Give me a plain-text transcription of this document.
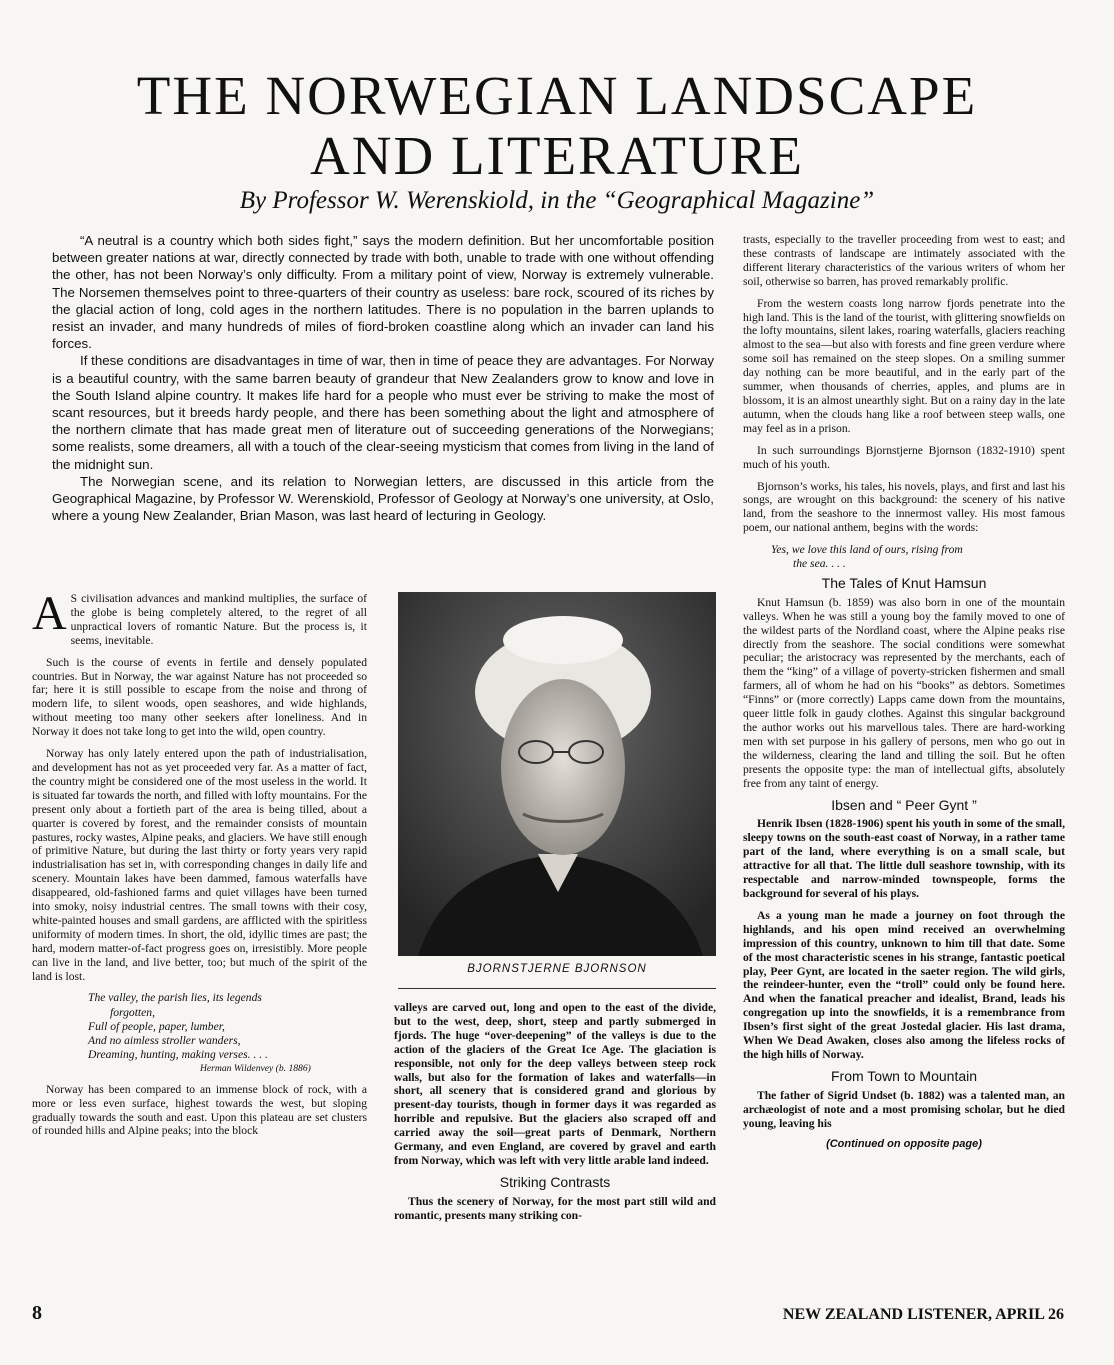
THE NORWEGIAN LANDSCAPE
AND LITERATURE
By Professor W. Werenskiold, in the “Geographical Magazine”

“A neutral is a country which both sides fight,” says the modern definition. But her uncomfortable position between greater nations at war, directly connected by trade with both, unable to trade with one without offending the other, has not been Norway’s only difficulty. From a military point of view, Norway is extremely vulnerable. The Norsemen themselves point to three-quarters of their country as useless: bare rock, scoured of its riches by the glacial action of long, cold ages in the northern latitudes. There is no population in the barren uplands to resist an invader, and many hundreds of miles of fiord-broken coastline along which an invader can land his forces.

If these conditions are disadvantages in time of war, then in time of peace they are advantages. For Norway is a beautiful country, with the same barren beauty of grandeur that New Zealanders grow to know and love in the South Island alpine country. It makes life hard for a people who must ever be striving to make the most of scant resources, but it breeds hardy people, and there has been something about the light and atmosphere of the northern climate that has made great men of literature out of succeeding generations of the Norwegians; some realists, some dreamers, all with a touch of the clear-seeing mysticism that comes from living in the land of the midnight sun.

The Norwegian scene, and its relation to Norwegian letters, are discussed in this article from the Geographical Magazine, by Professor W. Werenskiold, Professor of Geology at Norway’s one university, at Oslo, where a young New Zealander, Brian Mason, was last heard of lecturing in Geology.

A S civilisation advances and mankind multiplies, the surface of the globe is being completely altered, to the regret of all unpractical lovers of romantic Nature. But the process is, it seems, inevitable.

Such is the course of events in fertile and densely populated countries. But in Norway, the war against Nature has not proceeded so far; here it is still possible to escape from the noise and throng of modern life, to silent woods, open seashores, and wide highlands, without meeting too many other seekers after loneliness. And in Norway it does not take long to get into the wild, open country.

Norway has only lately entered upon the path of industrialisation, and development has not as yet proceeded very far. As a matter of fact, the country might be considered one of the most useless in the world. It is situated far towards the north, and filled with lofty mountains. For the present only about a fortieth part of the area is being tilled, about a quarter is covered by forest, and the remainder consists of mountain pastures, rocky wastes, Alpine peaks, and glaciers. We have still enough of primitive Nature, but during the last thirty or forty years very rapid industrialisation has set in, with corresponding changes in daily life and scenery. Mountain lakes have been dammed, famous waterfalls have disappeared, old-fashioned farms and quiet villages have been turned into smoky, noisy industrial centres. The small towns with their cosy, white-painted houses and small gardens, are afflicted with the spiritless uniformity of modern times. In short, the old, idyllic times are past; the hard, modern matter-of-fact progress goes on, irresistibly. More people can live in the land, and live better, too; but much of the spirit of the land is lost.

The valley, the parish lies, its legends
forgotten,
Full of people, paper, lumber,
And no aimless stroller wanders,
Dreaming, hunting, making verses. . . .
Herman Wildenvey (b. 1886)

Norway has been compared to an immense block of rock, with a more or less even surface, highest towards the west, but sloping gradually towards the south and east. Upon this plateau are set clusters of rounded hills and Alpine peaks; into the block

BJORNSTJERNE BJORNSON

valleys are carved out, long and open to the east of the divide, but to the west, deep, short, steep and partly submerged in fjords. The huge “over-deepening” of the valleys is due to the action of the glaciers of the Great Ice Age. The glaciation is responsible, not only for the deep valleys between steep rock walls, but also for the formation of lakes and waterfalls—in short, all scenery that is considered grand and glorious by present-day tourists, though in former days it was regarded as horrible and repulsive. But the glaciers also scraped off and carried away the soil—great parts of Denmark, Northern Germany, and even England, are covered by gravel and earth from Norway, which was left with very little arable land indeed.

Striking Contrasts

Thus the scenery of Norway, for the most part still wild and romantic, presents many striking con-

trasts, especially to the traveller proceeding from west to east; and these contrasts of landscape are intimately associated with the different literary characteristics of the various writers of whom her soil, otherwise so barren, has proved remarkably prolific.

From the western coasts long narrow fjords penetrate into the high land. This is the land of the tourist, with glittering snowfields on the lofty mountains, silent lakes, roaring waterfalls, glaciers reaching almost to the sea—but also with forests and fine green verdure where some soil has remained on the steep slopes. On a smiling summer day nothing can be more beautiful, and in the early part of the summer, when thousands of cherries, apples, and plums are in blossom, it is an almost unearthly sight. But on a rainy day in the late autumn, when the clouds hang like a roof between steep walls, one may feel as in a prison.

In such surroundings Bjornstjerne Bjornson (1832-1910) spent much of his youth.

Bjornson’s works, his tales, his novels, plays, and first and last his songs, are wrought on this background: the scenery of his native land, from the seashore to the innermost valley. His most famous poem, our national anthem, begins with the words:

Yes, we love this land of ours, rising from
the sea. . . .
The Tales of Knut Hamsun

Knut Hamsun (b. 1859) was also born in one of the mountain valleys. When he was still a young boy the family moved to one of the wildest parts of the Nordland coast, where the Alpine peaks rise directly from the seashore. The social conditions were somewhat peculiar; the aristocracy was represented by the merchants, each of them the “king” of a village of poverty-stricken fishermen and small farmers, all of whom he had on his “books” as debtors. Sometimes “Finns” or (more correctly) Lapps came down from the mountains, queer little folk in gaudy clothes. Against this singular background the author works out his marvellous tales. There are hard-working men with set purpose in his gallery of persons, men who go out in the wilderness, clearing the land and tilling the soil. But he often presents the opposite type: the man of intellectual gifts, absolutely free from any taint of energy.

Ibsen and “ Peer Gynt ”

Henrik Ibsen (1828-1906) spent his youth in some of the small, sleepy towns on the south-east coast of Norway, in a rather tame part of the land, where everything is on a small scale, but attractive for all that. The little dull seashore township, with its respectable and narrow-minded townspeople, forms the background for several of his plays.

As a young man he made a journey on foot through the highlands, and his open mind received an overwhelming impression of this country, unknown to him till that date. Some of the most characteristic scenes in his strange, fantastic poetical play, Peer Gynt, are located in the saeter region. The wild girls, the reindeer-hunter, even the “troll” could only be found here. And when the fanatical preacher and idealist, Brand, leads his congregation up into the snowfields, it is a remembrance from Ibsen’s first sight of the great Jostedal glacier. His last drama, When We Dead Awaken, closes also among the lifeless rocks of the high hills of Norway.

From Town to Mountain

The father of Sigrid Undset (b. 1882) was a talented man, an archæologist of note and a most promising scholar, but he died young, leaving his

(Continued on opposite page)
8	NEW ZEALAND LISTENER, APRIL 26
